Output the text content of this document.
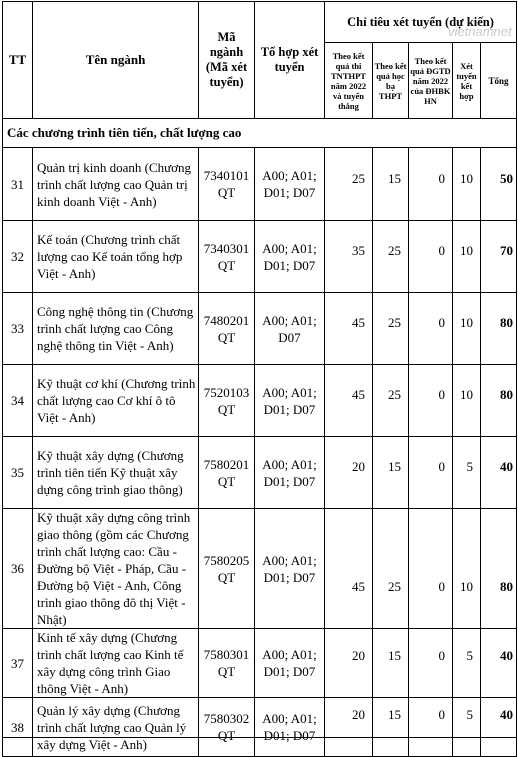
TT	Tên ngành	Mã ngành (Mã xét tuyển)	Tổ hợp xét tuyển	Chỉ tiêu xét tuyển (dự kiến)				
				Theo kết quả thi TNTHPT năm 2022 và tuyển thẳng	Theo kết quả học bạ THPT	Theo kết quả ĐGTD năm 2022 của ĐHBK HN	Xét tuyển kết hợp	Tổng
Các chương trình tiên tiến, chất lượng cao								
31	Quản trị kinh doanh (Chương trình chất lượng cao Quản trị kinh doanh Việt - Anh)	7340101 QT	A00; A01; D01; D07	25	15	0	10	50
32	Kế toán (Chương trình chất lượng cao Kế toán tổng hợp Việt - Anh)	7340301 QT	A00; A01; D01; D07	35	25	0	10	70
33	Công nghệ thông tin (Chương trình chất lượng cao Công nghệ thông tin Việt - Anh)	7480201 QT	A00; A01; D07	45	25	0	10	80
34	Kỹ thuật cơ khí (Chương trình chất lượng cao Cơ khí ô tô Việt - Anh)	7520103 QT	A00; A01; D01; D07	45	25	0	10	80
35	Kỹ thuật xây dựng (Chương trình tiên tiến Kỹ thuật xây dựng công trình giao thông)	7580201 QT	A00; A01; D01; D07	20	15	0	5	40
36	Kỹ thuật xây dựng công trình giao thông (gồm các Chương trình chất lượng cao: Cầu - Đường bộ Việt - Pháp, Cầu - Đường bộ Việt - Anh, Công trình giao thông đô thị Việt - Nhật)	7580205 QT	A00; A01; D01; D07	45	25	0	10	80
37	Kinh tế xây dựng (Chương trình chất lượng cao Kinh tế xây dựng công trình Giao thông Việt - Anh)	7580301 QT	A00; A01; D01; D07	20	15	0	5	40
38	Quản lý xây dựng (Chương trình chất lượng cao Quản lý xây dựng Việt - Anh)	7580302 QT	A00; A01; D01; D07	20	15	0	5	40
vietnamnet
